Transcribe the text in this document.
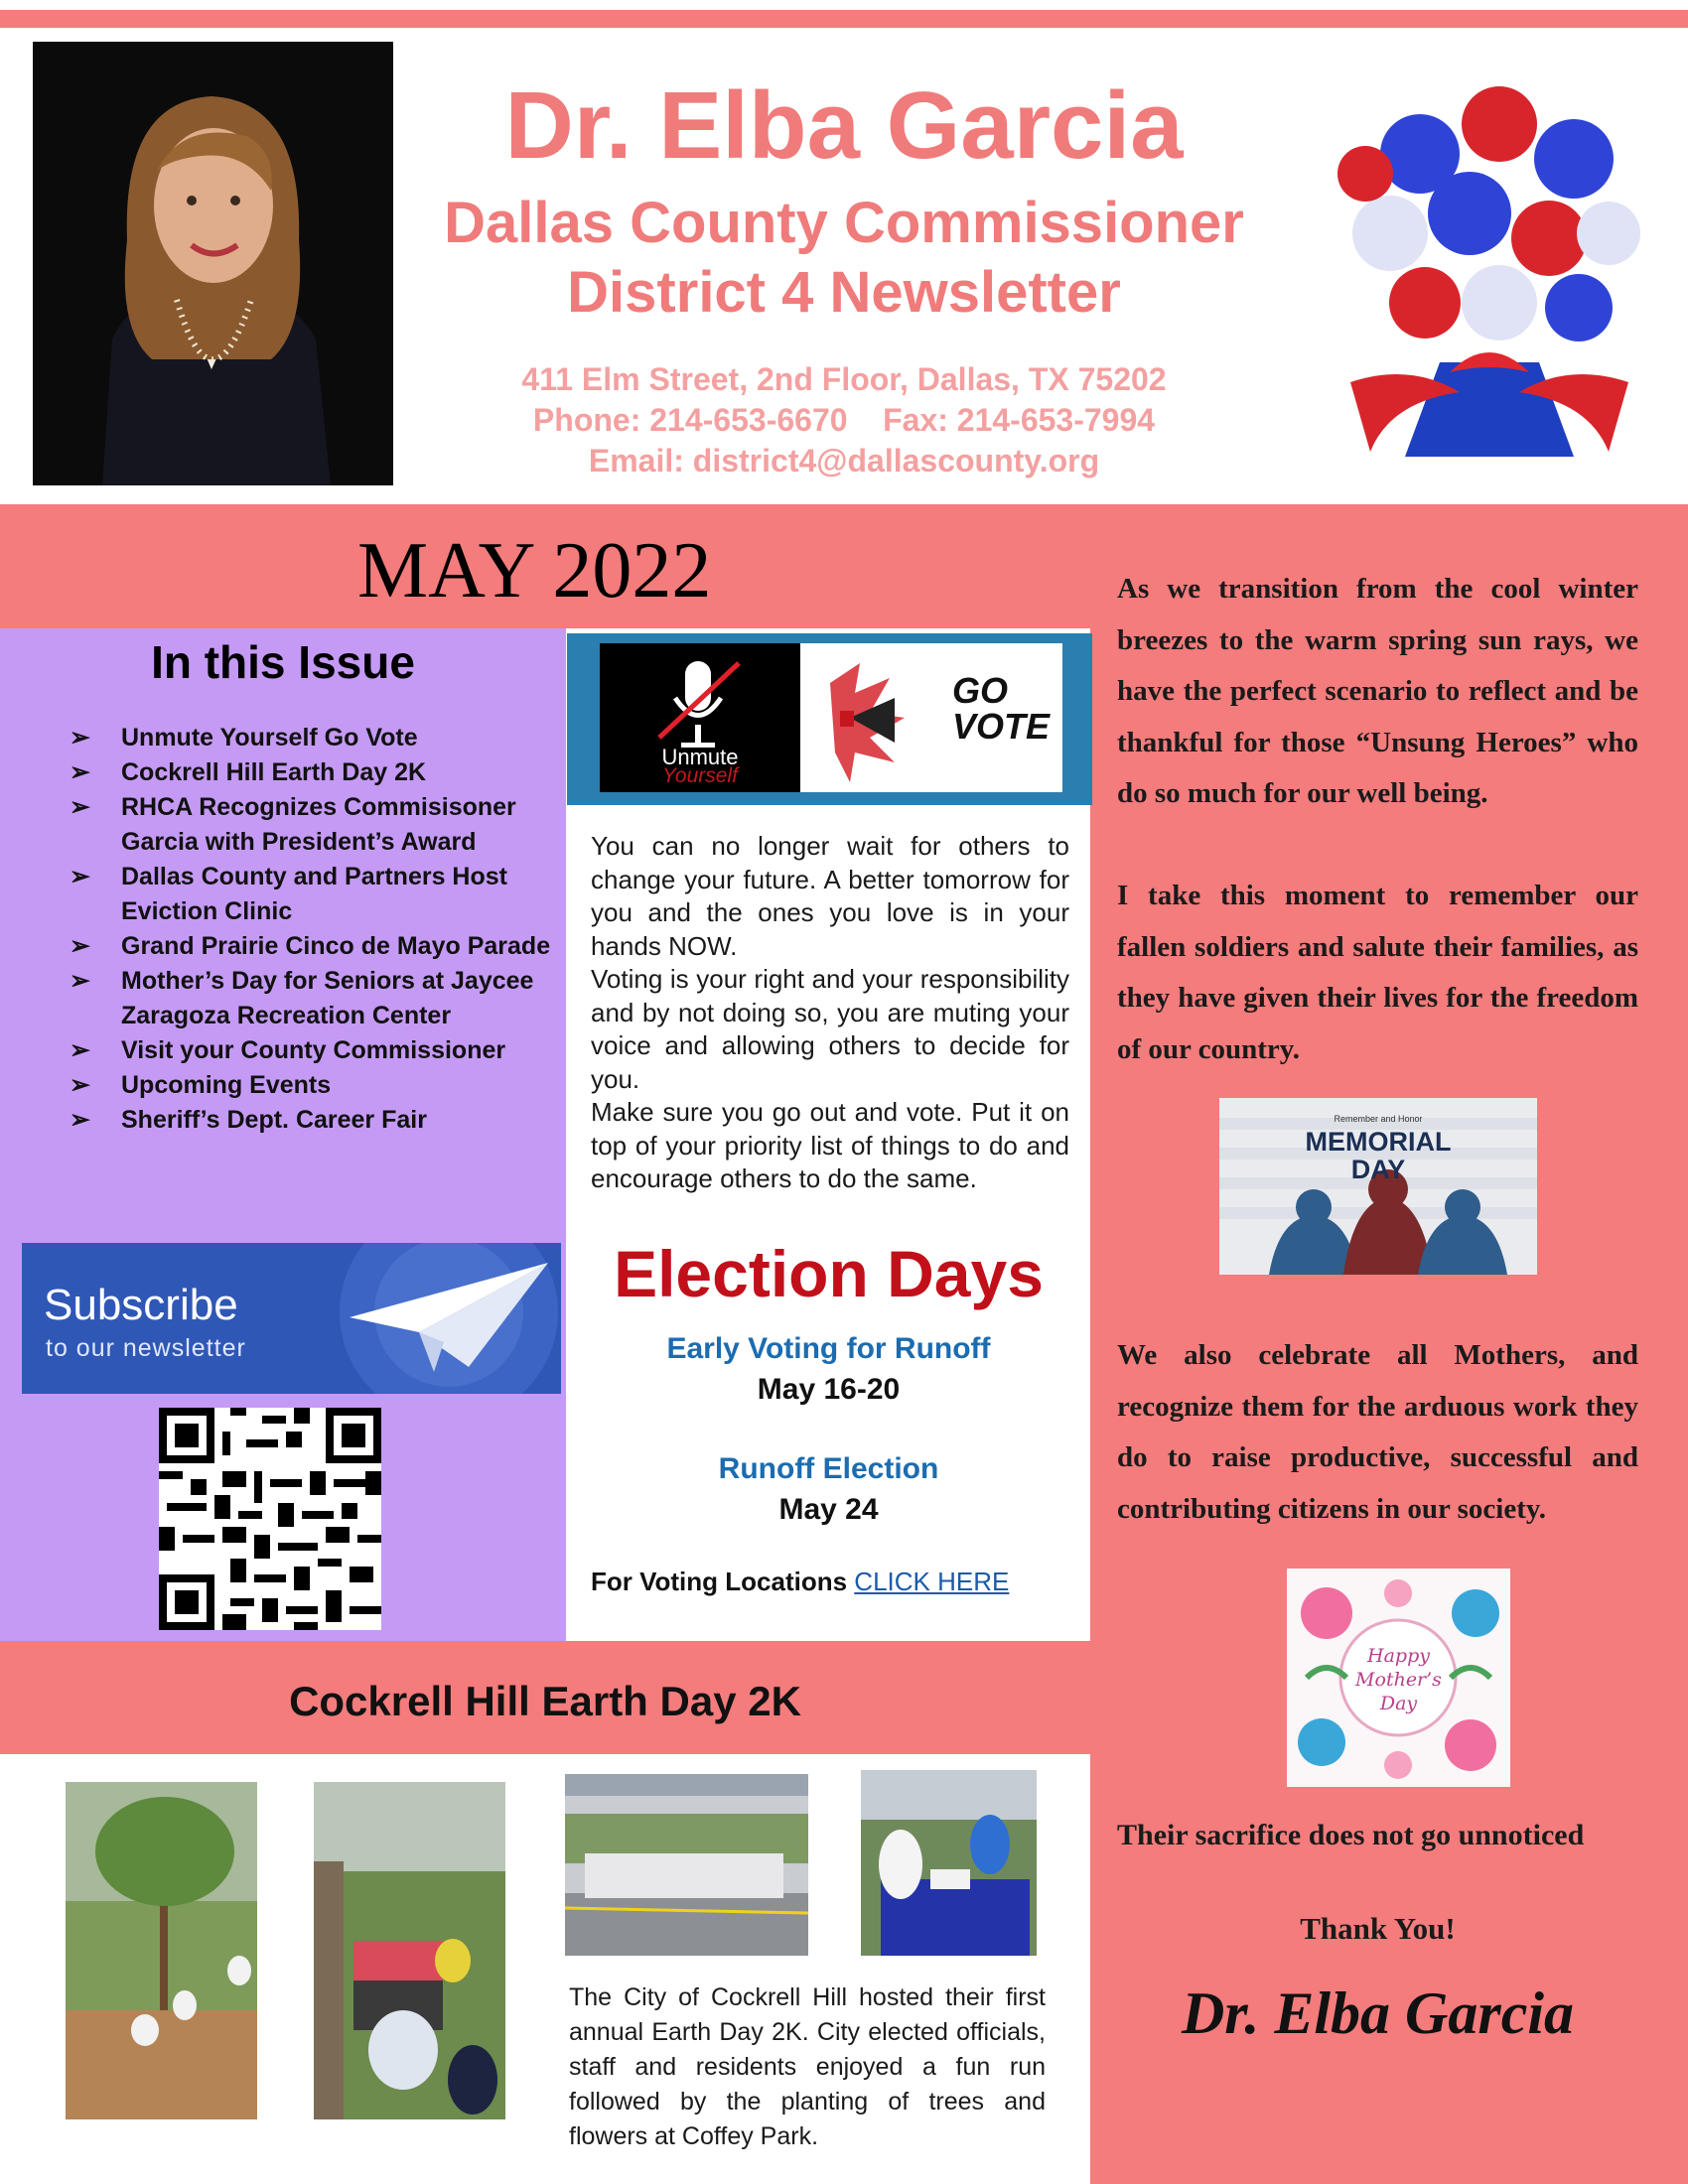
Dr. Elba Garcia
Dallas County Commissioner
District 4 Newsletter
411 Elm Street, 2nd Floor, Dallas, TX 75202
Phone: 214-653-6670 Fax: 214-653-7994
Email: district4@dallascounty.org
MAY 2022	As we transition from the cool winter breezes to the warm spring sun rays, we have the perfect scenario to reflect and be thankful for those “Unsung Heroes” who do so much for our well being.
I take this moment to remember our fallen soldiers and salute their families, as they have given their lives for the freedom of our country.
Remember and Honor
MEMORIAL
DAY
We also celebrate all Mothers, and recognize them for the arduous work they do to raise productive, successful and contributing citizens in our society.
Happy
Mother’s
Day
Their sacrifice does not go unnoticed
Thank You!
Dr. Elba Garcia
In this Issue
➢ Unmute Yourself Go Vote
➢ Cockrell Hill Earth Day 2K
➢ RHCA Recognizes Commisisoner Garcia with President’s Award
➢ Dallas County and Partners Host Eviction Clinic
➢ Grand Prairie Cinco de Mayo Parade
➢ Mother’s Day for Seniors at Jaycee Zaragoza Recreation Center
➢ Visit your County Commissioner
➢ Upcoming Events
➢ Sheriff’s Dept. Career Fair
Subscribe
to our newsletter
GO
VOTE
Unmute
Yourself
You can no longer wait for others to change your future. A better tomorrow for you and the ones you love is in your hands NOW.
Voting is your right and your responsibility and by not doing so, you are muting your voice and allowing others to decide for you.
Make sure you go out and vote. Put it on top of your priority list of things to do and encourage others to do the same.
Election Days
Early Voting for Runoff
May 16-20
Runoff Election
May 24
For Voting Locations CLICK HERE
Cockrell Hill Earth Day 2K
The City of Cockrell Hill hosted their first annual Earth Day 2K. City elected officials, staff and residents enjoyed a fun run followed by the planting of trees and flowers at Coffey Park.
